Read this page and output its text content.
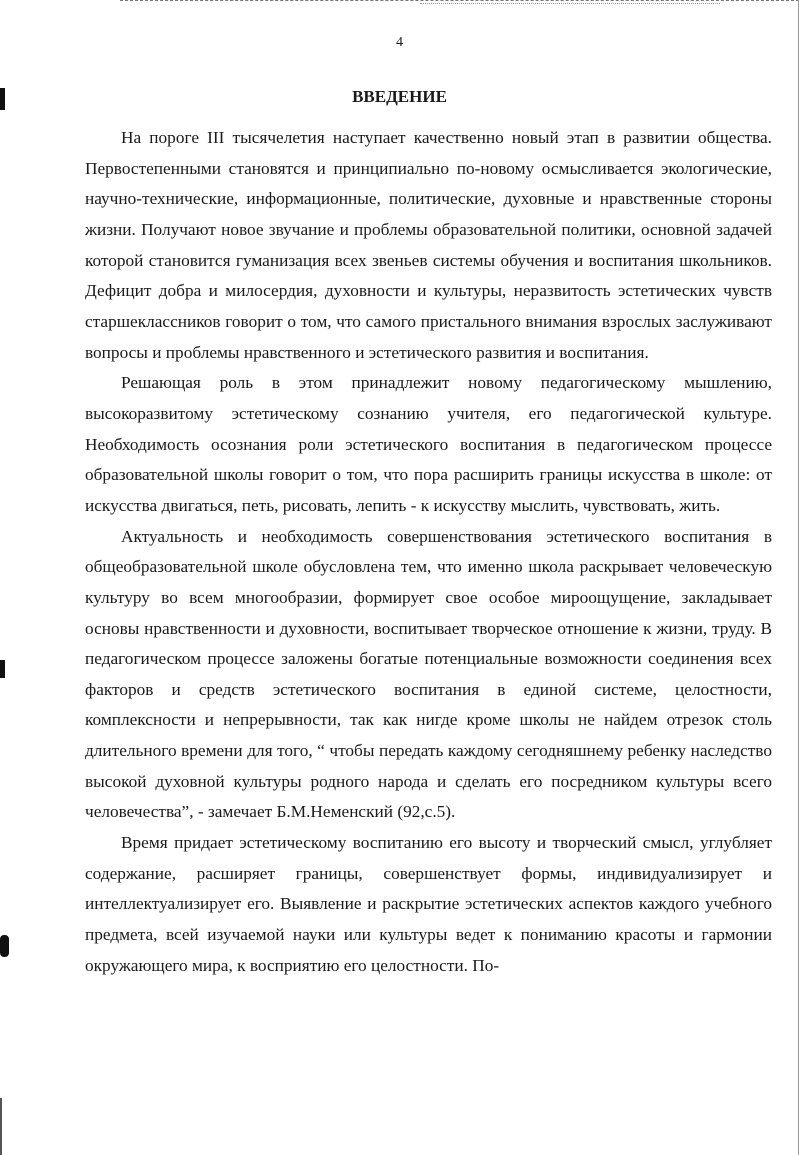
4
ВВЕДЕНИЕ

На пороге III тысячелетия наступает качественно новый этап в развитии общества. Первостепенными становятся и принципиально по-новому осмысливается экологические, научно-технические, информационные, политические, духовные и нравственные стороны жизни. Получают новое звучание и проблемы образовательной политики, основной задачей которой становится гуманизация всех звеньев системы обучения и воспитания школьников. Дефицит добра и милосердия, духовности и культуры, неразвитость эстетических чувств старшеклассников говорит о том, что самого пристального внимания взрослых заслуживают вопросы и проблемы нравственного и эстетического развития и воспитания.

Решающая роль в этом принадлежит новому педагогическому мышлению, высокоразвитому эстетическому сознанию учителя, его педагогической культуре. Необходимость осознания роли эстетического воспитания в педагогическом процессе образовательной школы говорит о том, что пора расширить границы искусства в школе: от искусства двигаться, петь, рисовать, лепить - к искусству мыслить, чувствовать, жить.

Актуальность и необходимость совершенствования эстетического воспитания в общеобразовательной школе обусловлена тем, что именно школа раскрывает человеческую культуру во всем многообразии, формирует свое особое мироощущение, закладывает основы нравственности и духовности, воспитывает творческое отношение к жизни, труду. В педагогическом процессе заложены богатые потенциальные возможности соединения всех факторов и средств эстетического воспитания в единой системе, целостности, комплексности и непрерывности, так как нигде кроме школы не найдем отрезок столь длительного времени для того, “ чтобы передать каждому сегодняшнему ребенку наследство высокой духовной культуры родного народа и сделать его посредником культуры всего человечества”, - замечает Б.М.Неменский (92,с.5).

Время придает эстетическому воспитанию его высоту и творческий смысл, углубляет содержание, расширяет границы, совершенствует формы, индивидуализирует и интеллектуализирует его. Выявление и раскрытие эстетических аспектов каждого учебного предмета, всей изучаемой науки или культуры ведет к пониманию красоты и гармонии окружающего мира, к восприятию его целостности. По-
